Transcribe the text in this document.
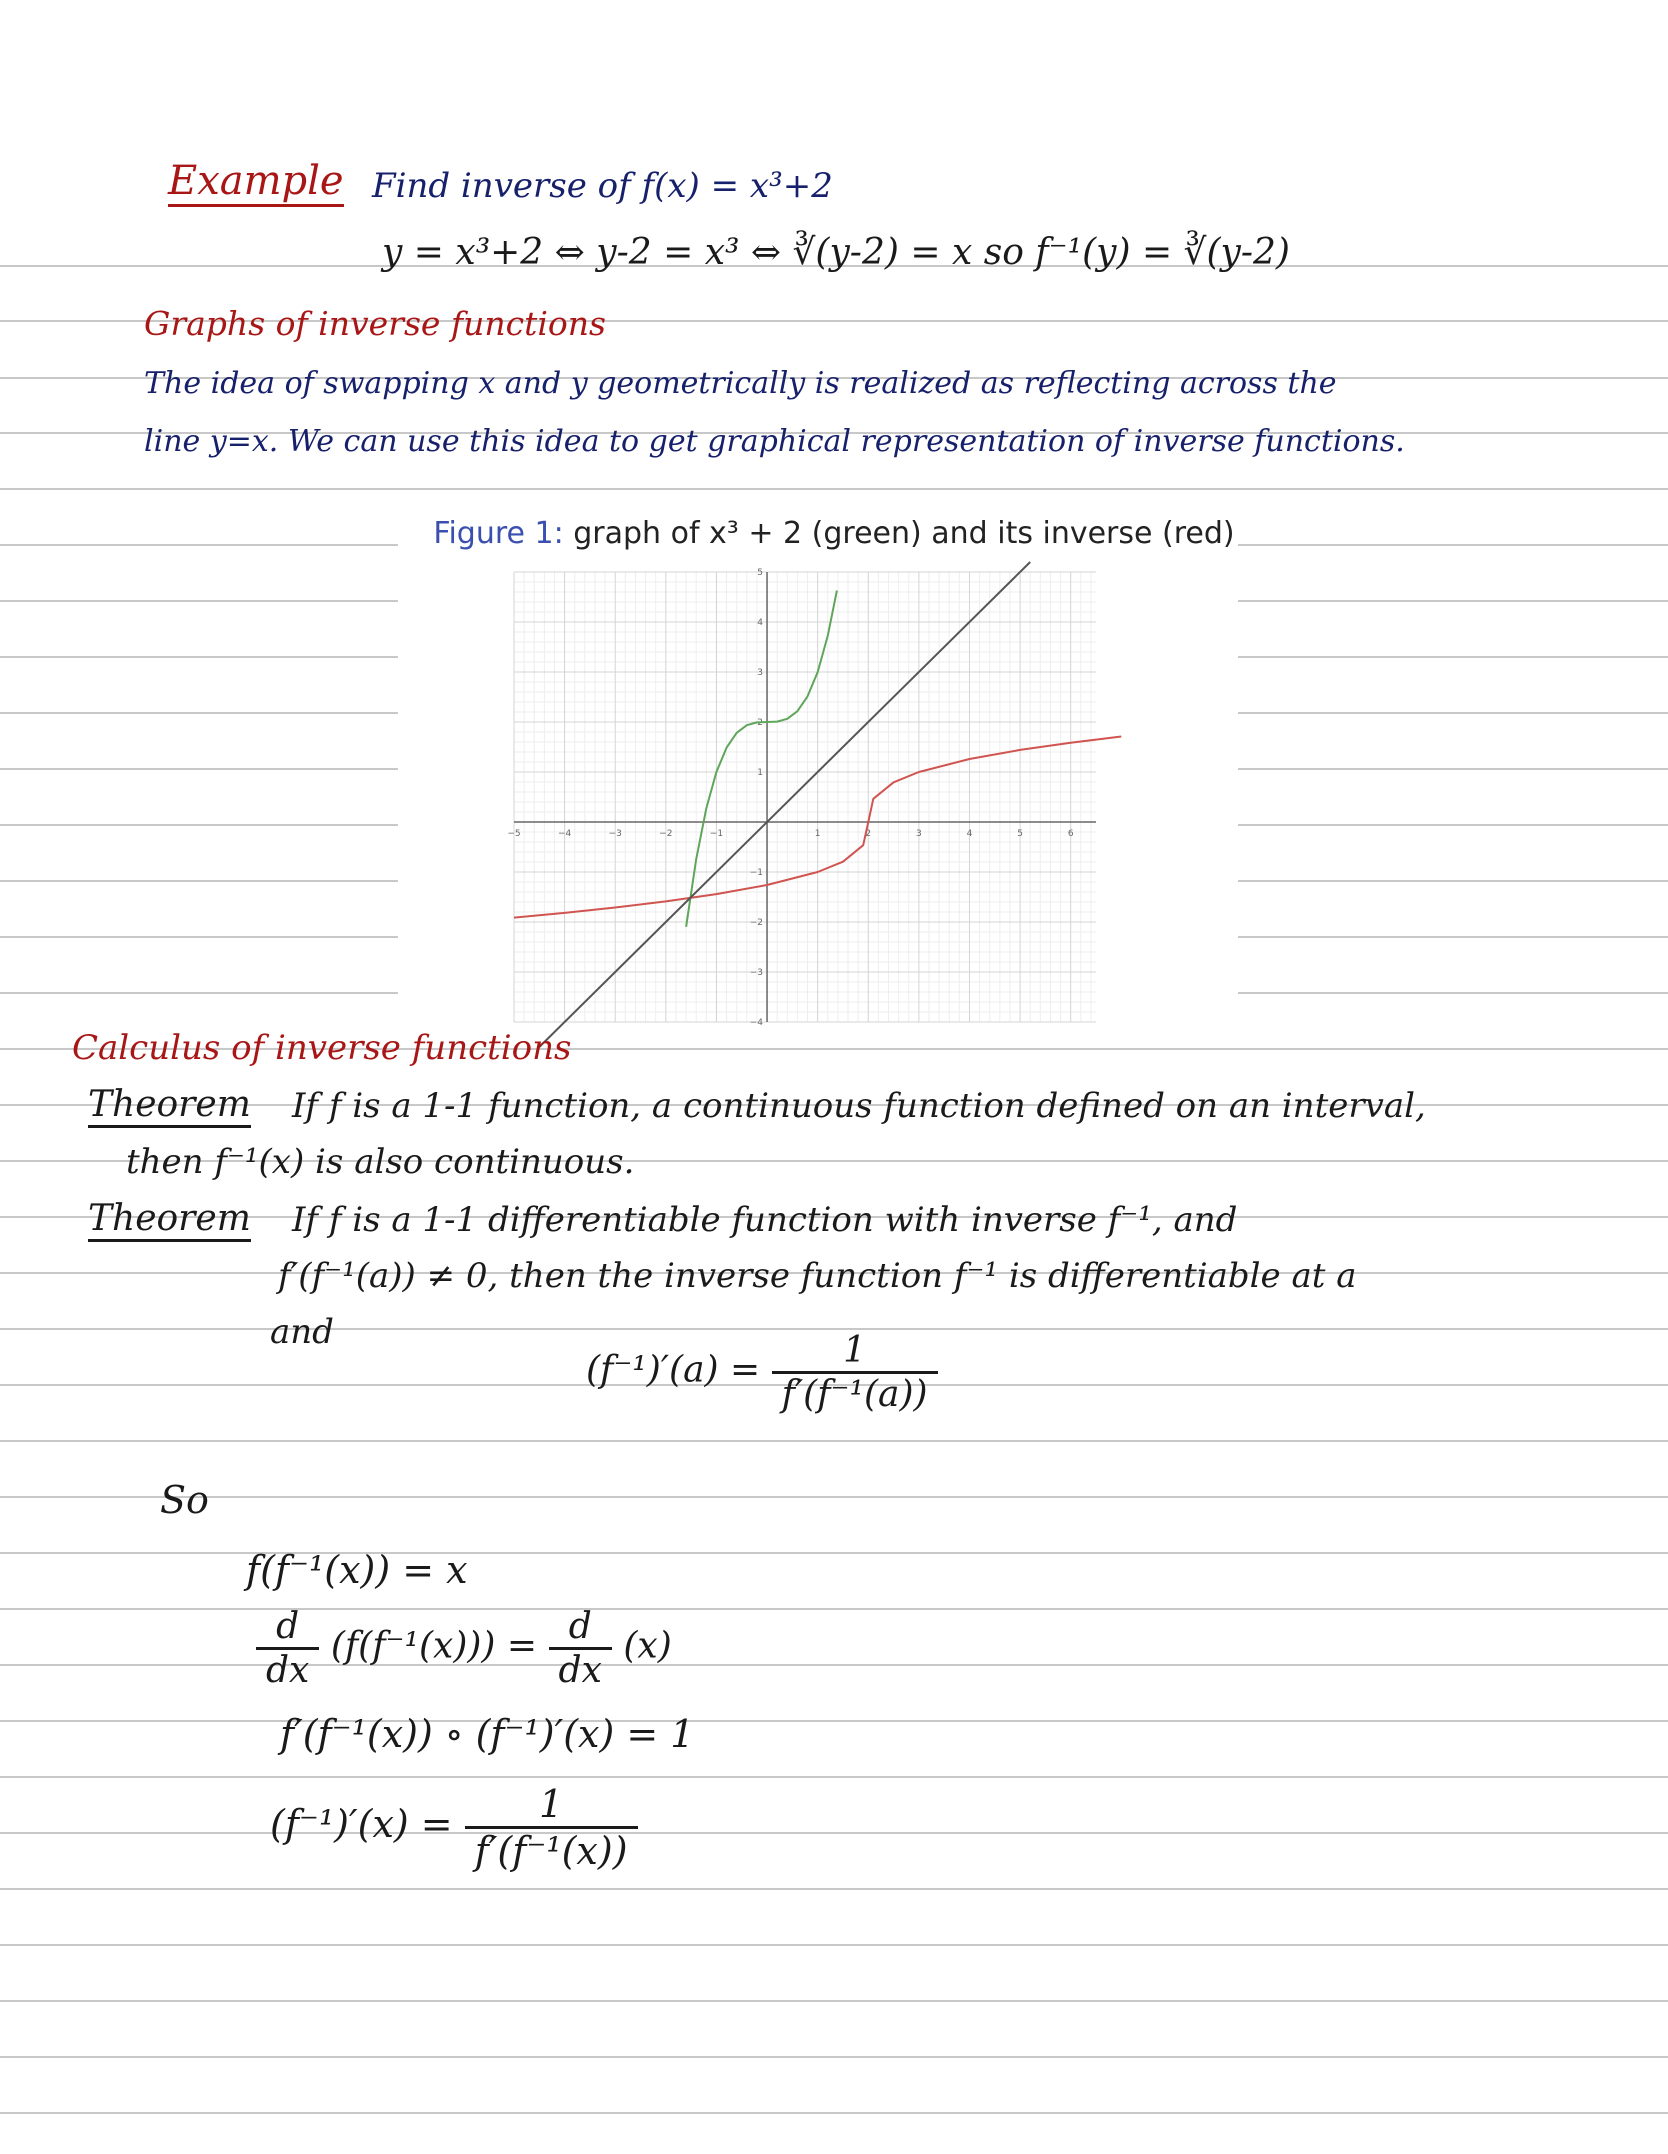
Example Find inverse of f(x) = x³+2
y = x³+2 ⇔ y-2 = x³ ⇔ ∛(y-2) = x so f⁻¹(y) = ∛(y-2)
Graphs of inverse functions
The idea of swapping x and y geometrically is realized as reflecting across the
line y=x. We can use this idea to get graphical representation of inverse functions.
Figure 1: graph of x³ + 2 (green) and its inverse (red)
−5	−4	−3	−2	−1	1	2	3	4	5	6
−4
−3
−2
−1
1
2
3
4
5
Calculus of inverse functions
Theorem If f is a 1-1 function, a continuous function defined on an interval,
then f⁻¹(x) is also continuous.
Theorem If f is a 1-1 differentiable function with inverse f⁻¹, and
f′(f⁻¹(a)) ≠ 0, then the inverse function f⁻¹ is differentiable at a
and
$(f^{-1})'(a) = \frac{1}{\text{f′(f⁻¹(a))}}$
So
f(f⁻¹(x)) = x
$\frac{d}{dx} (f(f^{-1}(x))) = \frac{d}{dx} (x)$
f′(f⁻¹(x)) ∘ (f⁻¹)′(x) = 1
$(f^{-1})'(x) = \frac{1}{\text{f′(f⁻¹(x))}}$
